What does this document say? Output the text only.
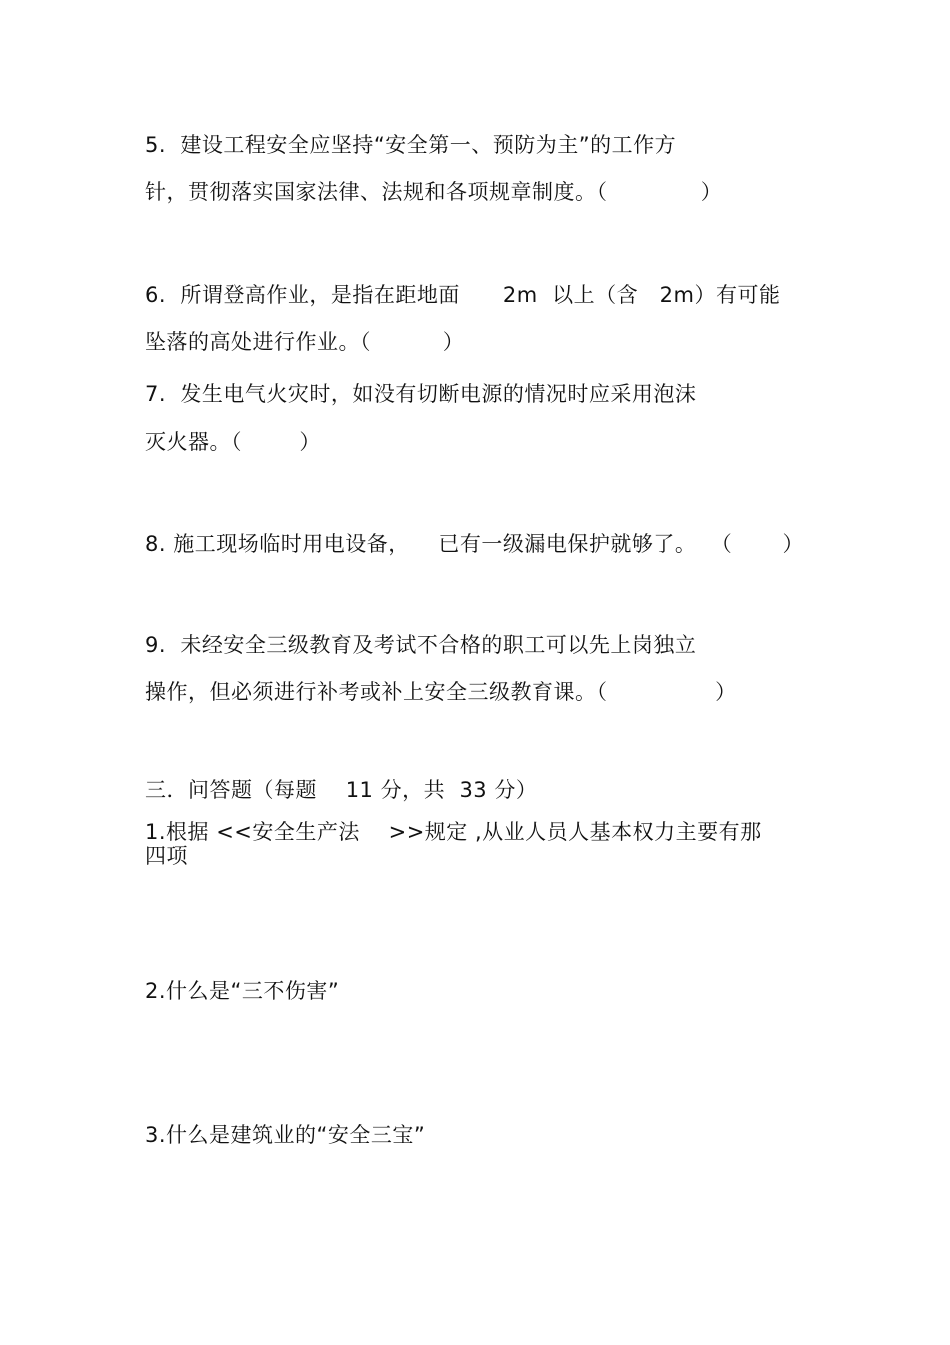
5.  建设工程安全应坚持“安全第一、预防为主”的工作方
针，贯彻落实国家法律、法规和各项规章制度。（             ）
6.  所谓登高作业，是指在距地面      2m  以上（含   2m）有可能
坠落的高处进行作业。（          ）
7.  发生电气火灾时，如没有切断电源的情况时应采用泡沫
灭火器。（        ）
8. 施工现场临时用电设备，    已有一级漏电保护就够了。  （       ）
9.  未经安全三级教育及考试不合格的职工可以先上岗独立
操作，但必须进行补考或补上安全三级教育课。（               ）
三．问答题（每题    11 分，共  33 分）
1.根据 <<安全生产法    >>规定 ,从业人员人基本权力主要有那
四项
2.什么是“三不伤害”
3.什么是建筑业的“安全三宝”
